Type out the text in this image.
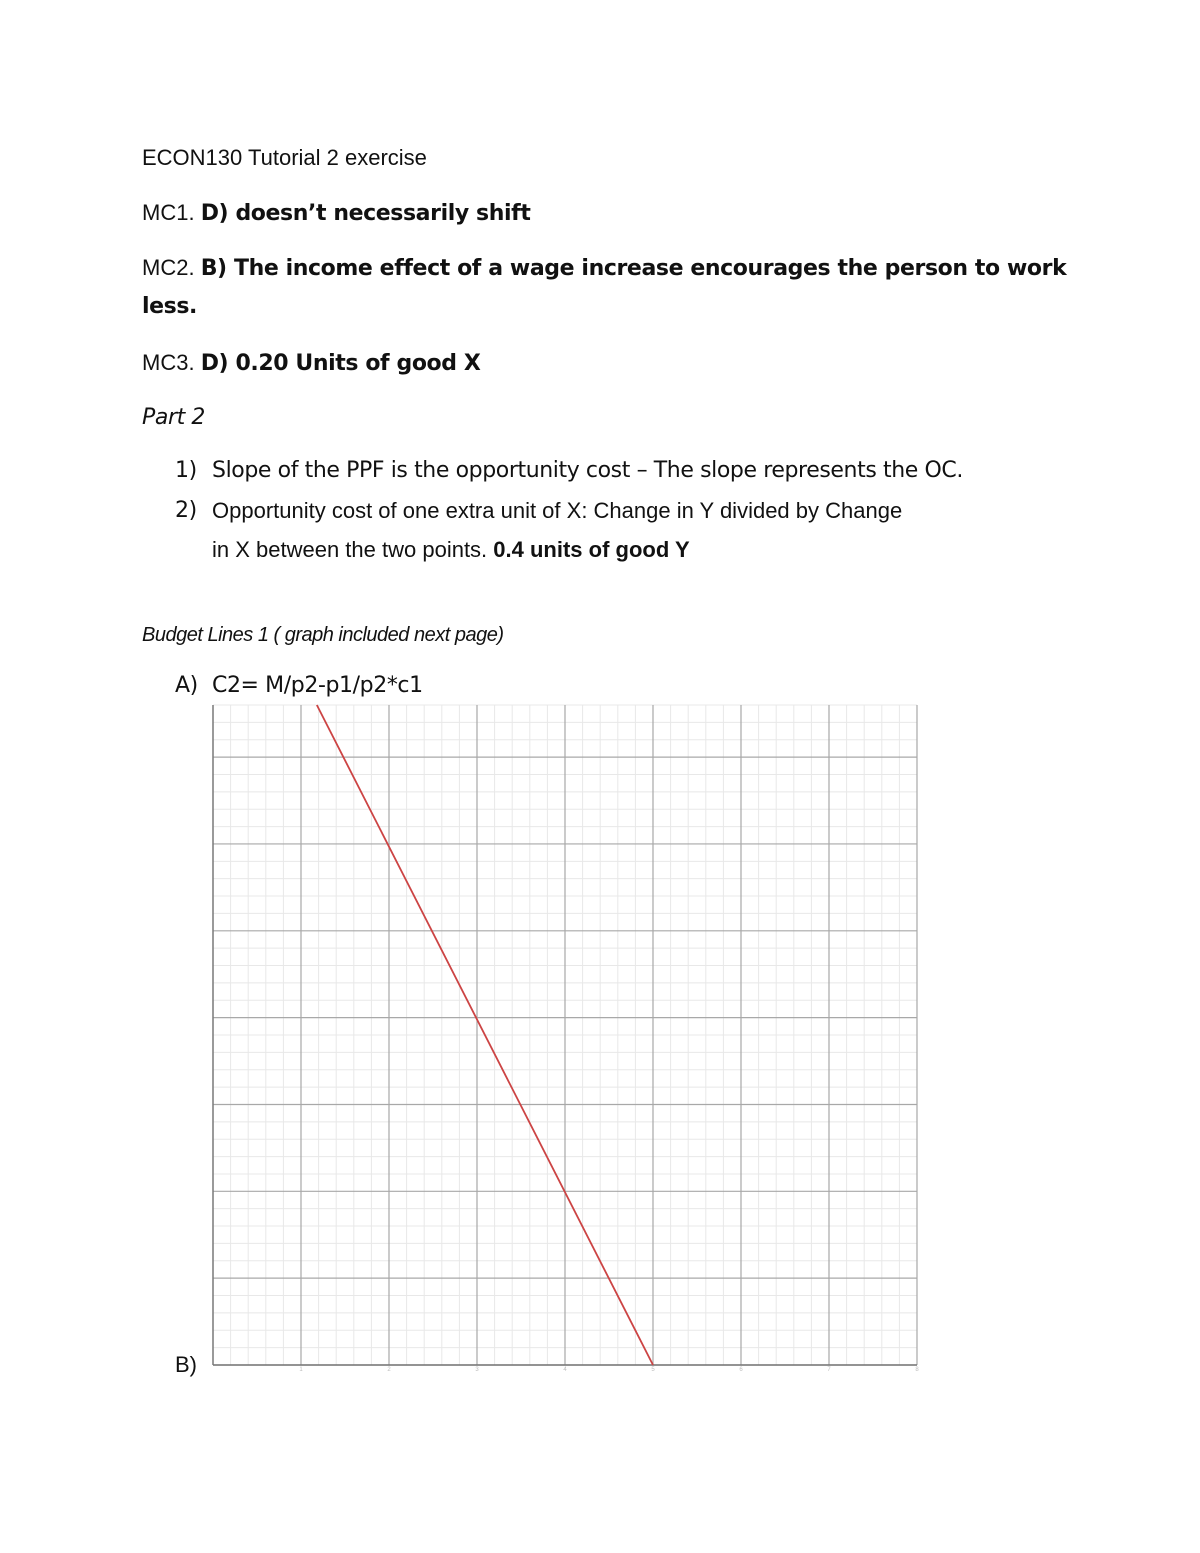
ECON130 Tutorial 2 exercise
MC1. D) doesn’t necessarily shift
MC2. B) The income effect of a wage increase encourages the person to work
less.
MC3. D) 0.20 Units of good X
Part 2
1) Slope of the PPF is the opportunity cost – The slope represents the OC.
2) Opportunity cost of one extra unit of X: Change in Y divided by Change
in X between the two points. 0.4 units of good Y
Budget Lines 1 ( graph included next page)
A) C2= M/p2-p1/p2*c1
1	2	3	4	5	6	7	8
B)
